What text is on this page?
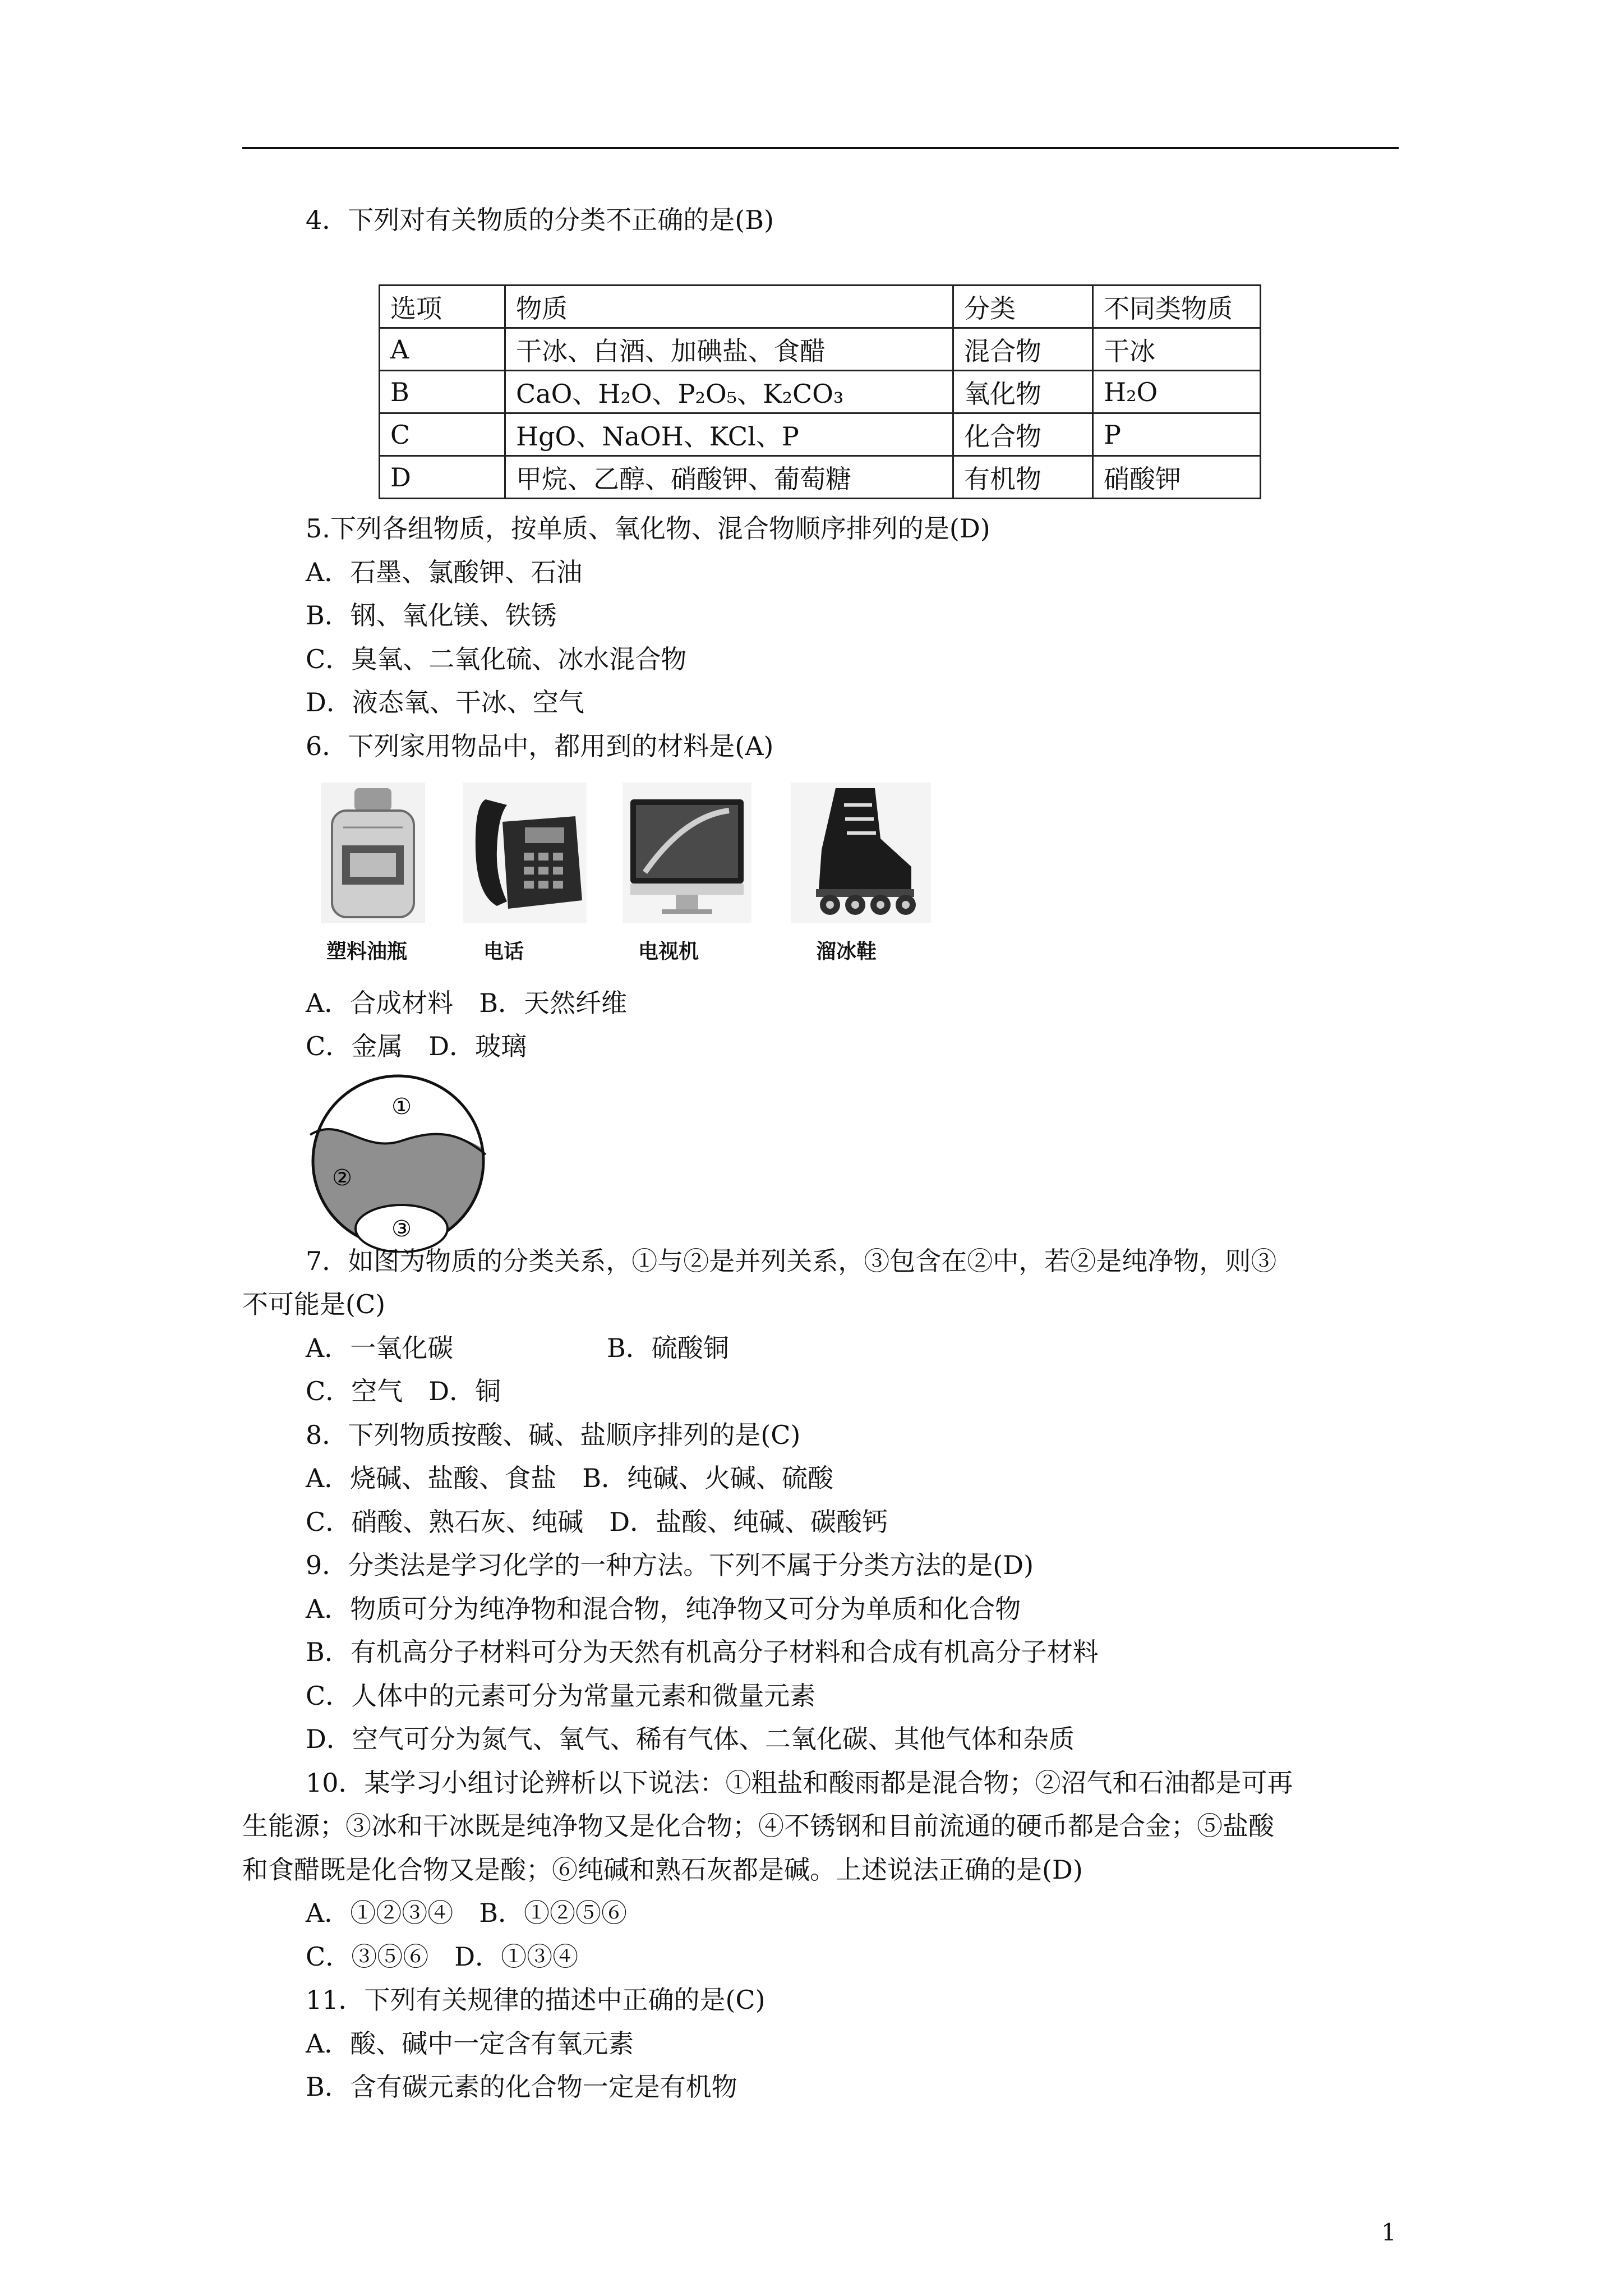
4．下列对有关物质的分类不正确的是(B)
选项	物质	分类	不同类物质
A	干冰、白酒、加碘盐、食醋	混合物	干冰
B	CaO、H₂O、P₂O₅、K₂CO₃	氧化物	H₂O
C	HgO、NaOH、KCl、P	化合物	P
D	甲烷、乙醇、硝酸钾、葡萄糖	有机物	硝酸钾
5.下列各组物质，按单质、氧化物、混合物顺序排列的是(D)
A．石墨、氯酸钾、石油
B．钢、氧化镁、铁锈
C．臭氧、二氧化硫、冰水混合物
D．液态氧、干冰、空气
6．下列家用物品中，都用到的材料是(A)
塑料油瓶	电话	电视机	溜冰鞋
A．合成材料　B．天然纤维
C．金属　D．玻璃
①
②
③
7．如图为物质的分类关系，①与②是并列关系，③包含在②中，若②是纯净物，则③
不可能是(C)
A．一氧化碳	B．硫酸铜
C．空气　D．铜
8．下列物质按酸、碱、盐顺序排列的是(C)
A．烧碱、盐酸、食盐　B．纯碱、火碱、硫酸
C．硝酸、熟石灰、纯碱　D．盐酸、纯碱、碳酸钙
9．分类法是学习化学的一种方法。下列不属于分类方法的是(D)
A．物质可分为纯净物和混合物，纯净物又可分为单质和化合物
B．有机高分子材料可分为天然有机高分子材料和合成有机高分子材料
C．人体中的元素可分为常量元素和微量元素
D．空气可分为氮气、氧气、稀有气体、二氧化碳、其他气体和杂质
10．某学习小组讨论辨析以下说法：①粗盐和酸雨都是混合物；②沼气和石油都是可再
生能源；③冰和干冰既是纯净物又是化合物；④不锈钢和目前流通的硬币都是合金；⑤盐酸
和食醋既是化合物又是酸；⑥纯碱和熟石灰都是碱。上述说法正确的是(D)
A．①②③④　B．①②⑤⑥
C．③⑤⑥　D．①③④
11．下列有关规律的描述中正确的是(C)
A．酸、碱中一定含有氧元素
B．含有碳元素的化合物一定是有机物
1
